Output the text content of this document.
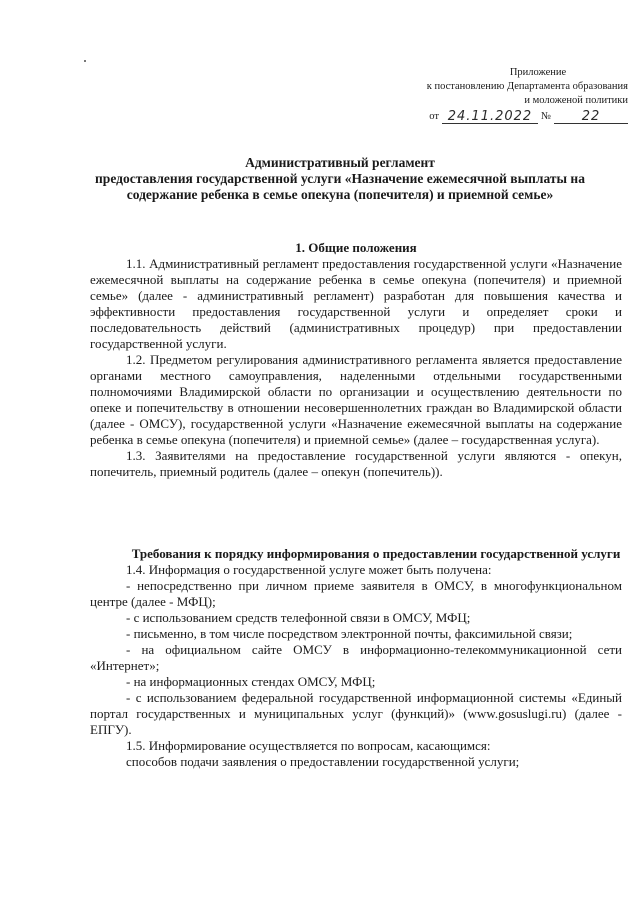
Приложение
к постановлению Департамента образования
и моложеной политики
от 24.11.2022 №	22
Административный регламент
предоставления государственной услуги «Назначение ежемесячной выплаты на содержание ребенка в семье опекуна (попечителя) и приемной семье»
1. Общие положения

1.1. Административный регламент предоставления государственной услуги «Назначение ежемесячной выплаты на содержание ребенка в семье опекуна (попечителя) и приемной семье» (далее - административный регламент) разработан для повышения качества и эффективности предоставления государственной услуги и определяет сроки и последовательность действий (административных процедур) при предоставлении государственной услуги.

1.2. Предметом регулирования административного регламента является предоставление органами местного самоуправления, наделенными отдельными государственными полномочиями Владимирской области по организации и осуществлению деятельности по опеке и попечительству в отношении несовершеннолетних граждан во Владимирской области (далее - ОМСУ), государственной услуги «Назначение ежемесячной выплаты на содержание ребенка в семье опекуна (попечителя) и приемной семье» (далее – государственная услуга).

1.3. Заявителями на предоставление государственной услуги являются - опекун, попечитель, приемный родитель (далее – опекун (попечитель)).

Требования к порядку информирования о предоставлении государственной услуги

1.4. Информация о государственной услуге может быть получена:

- непосредственно при личном приеме заявителя в ОМСУ, в многофункциональном центре (далее - МФЦ);

- с использованием средств телефонной связи в ОМСУ, МФЦ;

- письменно, в том числе посредством электронной почты, факсимильной связи;

- на официальном сайте ОМСУ в информационно-телекоммуникационной сети «Интернет»;

- на информационных стендах ОМСУ, МФЦ;

- с использованием федеральной государственной информационной системы «Единый портал государственных и муниципальных услуг (функций)» (www.gosuslugi.ru) (далее - ЕПГУ).

1.5. Информирование осуществляется по вопросам, касающимся:

способов подачи заявления о предоставлении государственной услуги;
